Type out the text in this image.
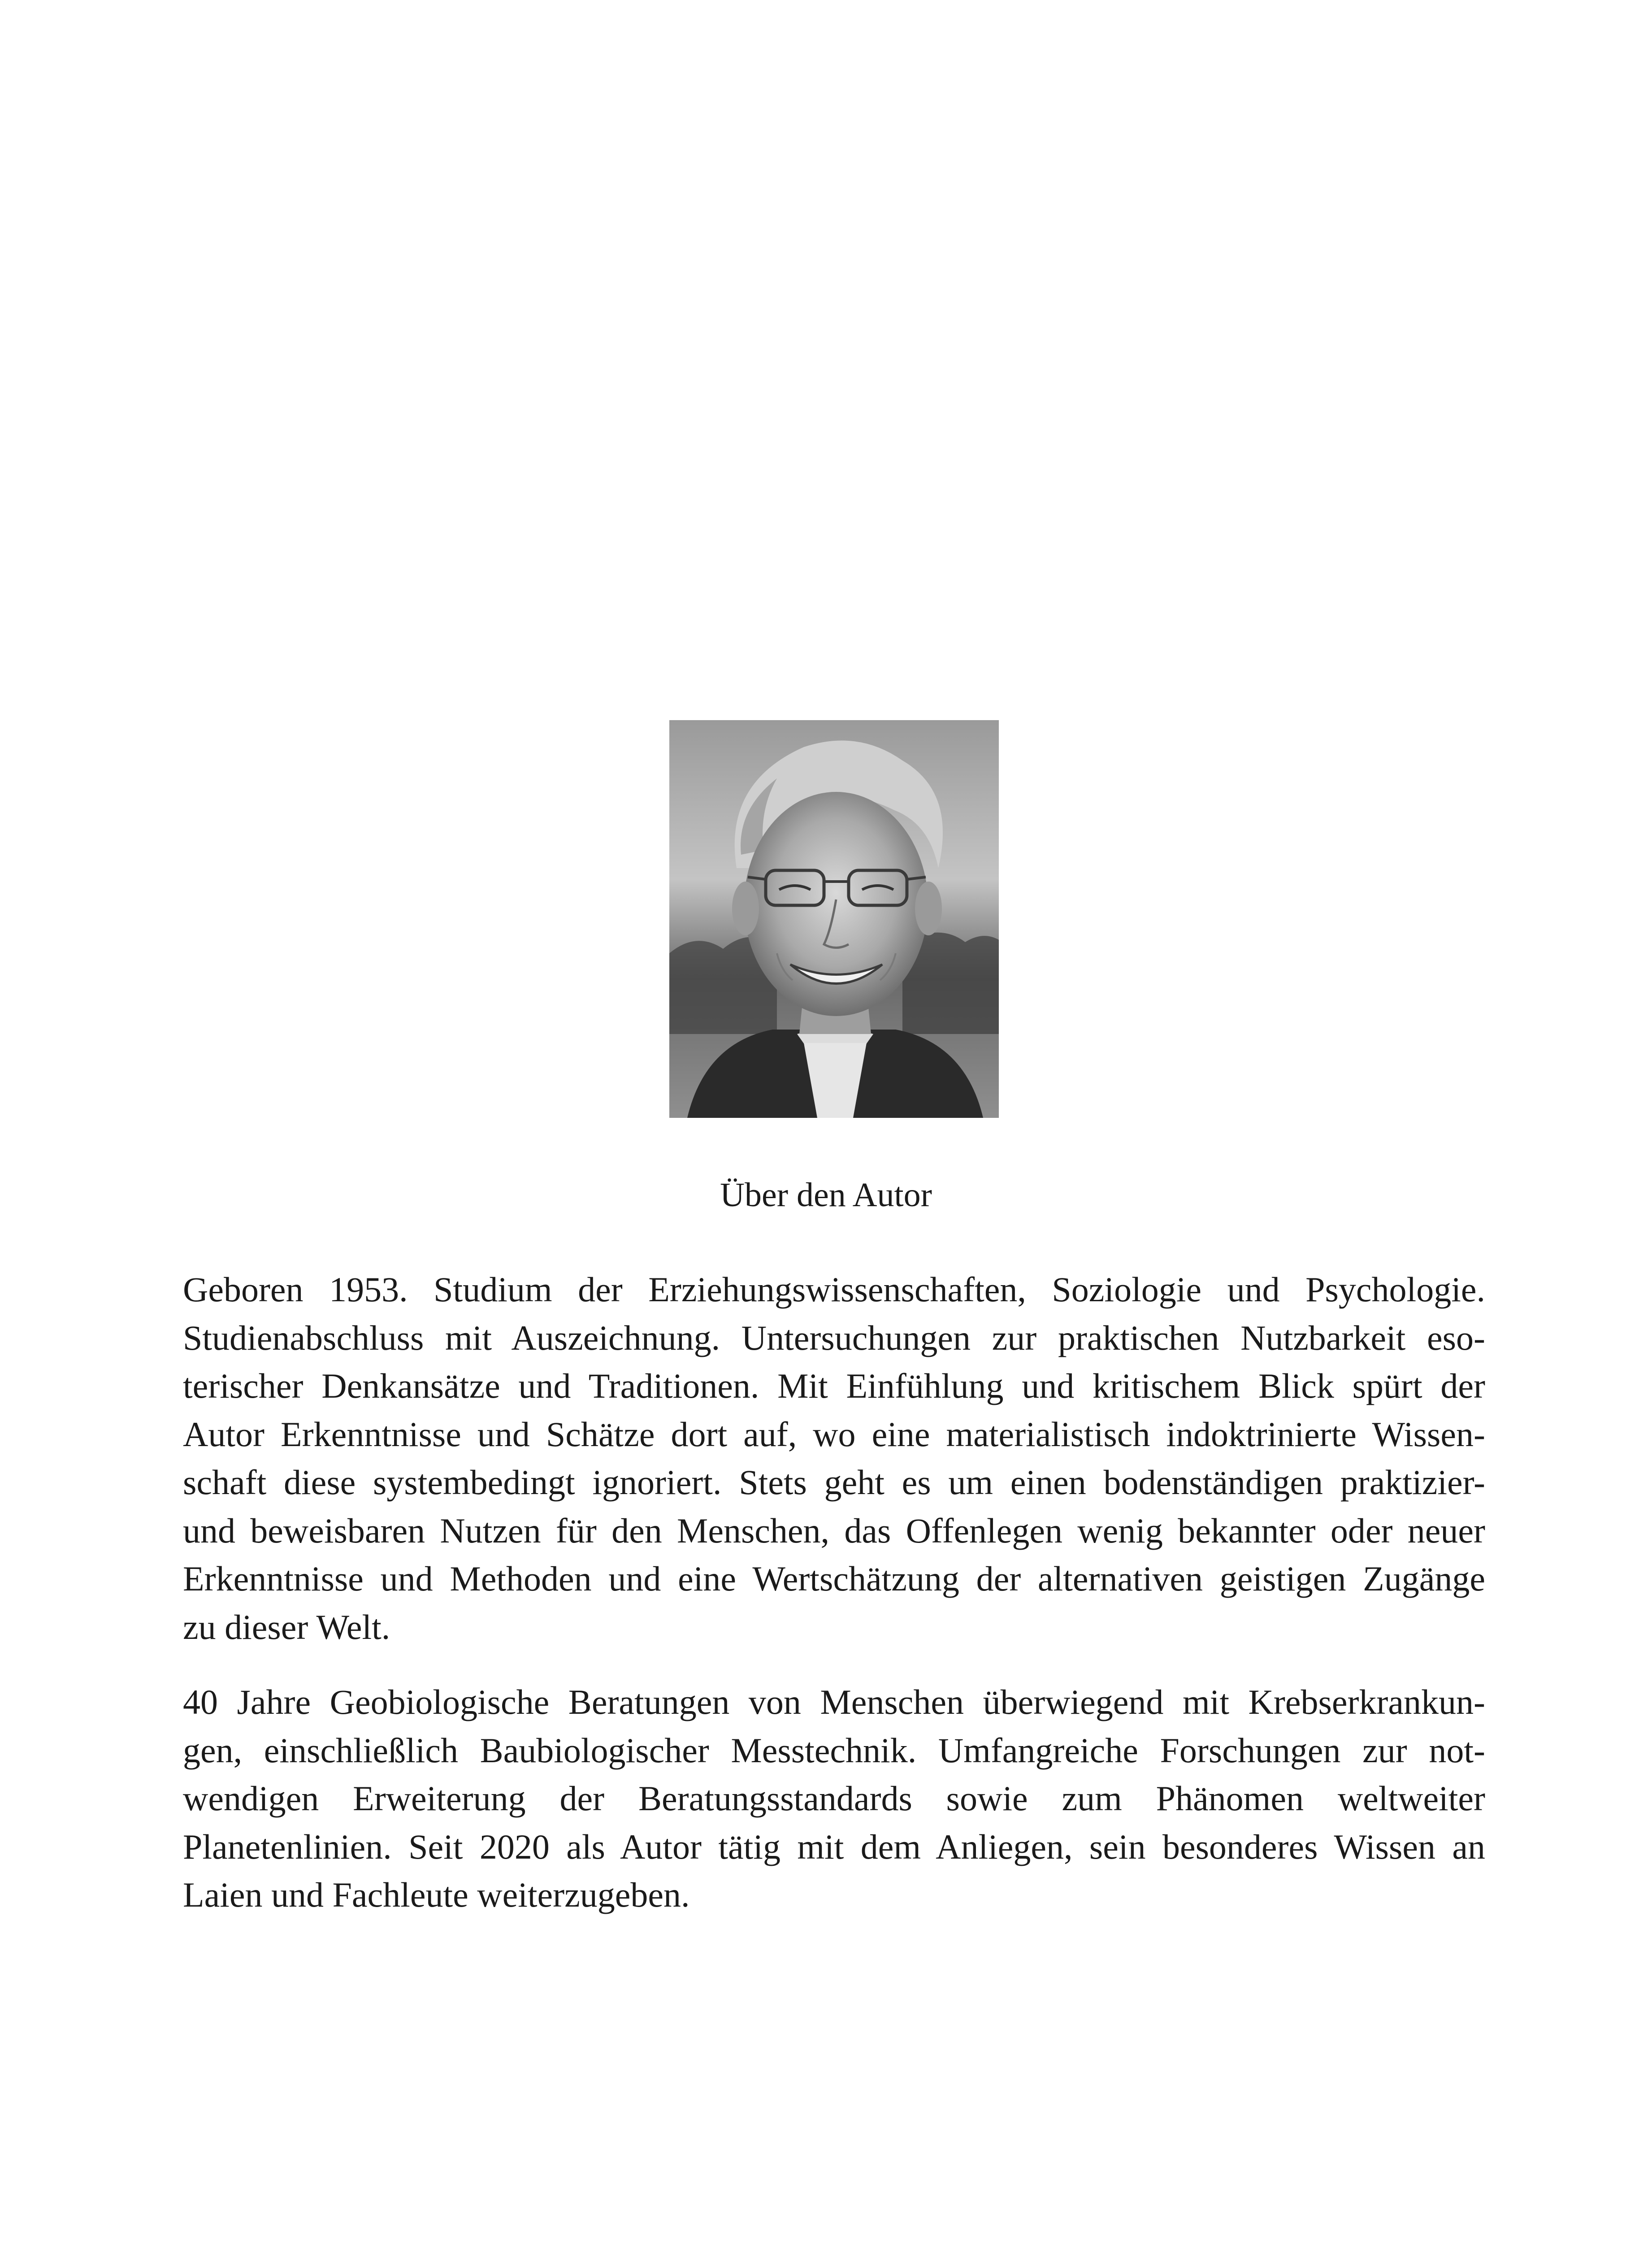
Über den Autor
Geboren 1953. Studium der Erziehungswissenschaften, Soziologie und Psychologie.
Studienabschluss mit Auszeichnung. Untersuchungen zur praktischen Nutzbarkeit eso-
terischer Denkansätze und Traditionen. Mit Einfühlung und kritischem Blick spürt der
Autor Erkenntnisse und Schätze dort auf, wo eine materialistisch indoktrinierte Wissen-
schaft diese systembedingt ignoriert. Stets geht es um einen bodenständigen praktizier-
und beweisbaren Nutzen für den Menschen, das Offenlegen wenig bekannter oder neuer
Erkenntnisse und Methoden und eine Wertschätzung der alternativen geistigen Zugänge
zu dieser Welt.
40 Jahre Geobiologische Beratungen von Menschen überwiegend mit Krebserkrankun-
gen, einschließlich Baubiologischer Messtechnik. Umfangreiche Forschungen zur not-
wendigen Erweiterung der Beratungsstandards sowie zum Phänomen weltweiter
Planetenlinien. Seit 2020 als Autor tätig mit dem Anliegen, sein besonderes Wissen an
Laien und Fachleute weiterzugeben.
